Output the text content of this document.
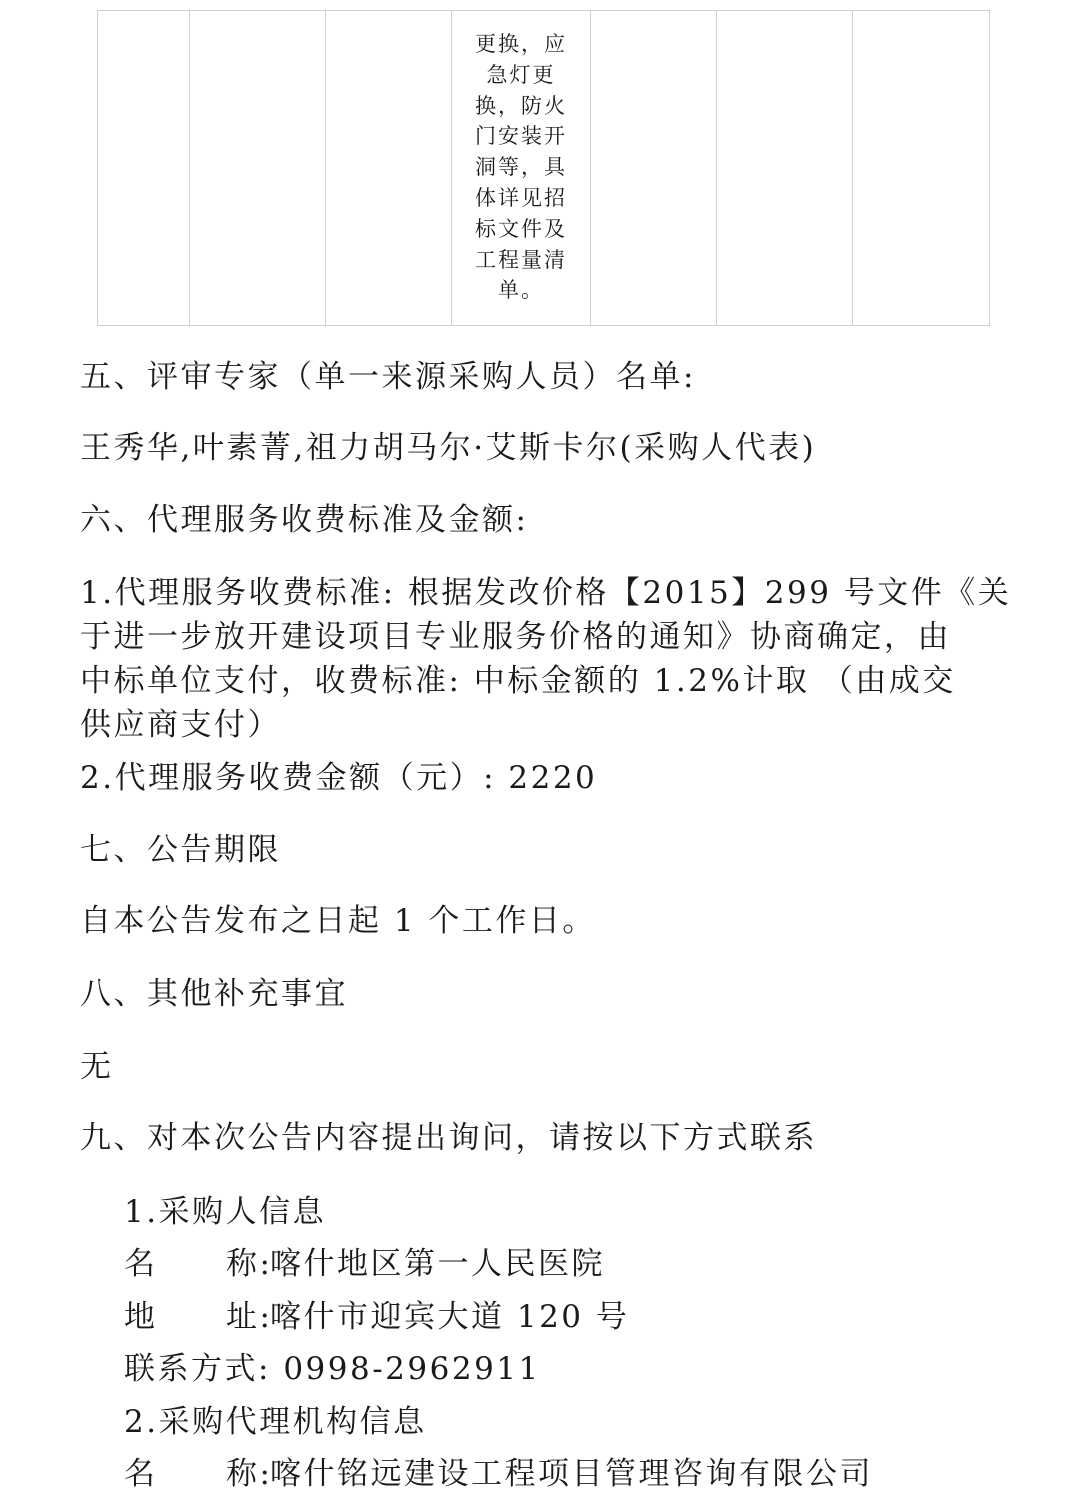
更换，应
急灯更
换，防火
门安装开
洞等，具
体详见招
标文件及
工程量清
单。

五、评审专家（单一来源采购人员）名单:
王秀华,叶素菁,祖力胡马尔·艾斯卡尔(采购人代表)
六、代理服务收费标准及金额:
1.代理服务收费标准: 根据发改价格【2015】299 号文件《关
于进一步放开建设项目专业服务价格的通知》协商确定，由
中标单位支付，收费标准: 中标金额的 1.2%计取 （由成交
供应商支付）
2.代理服务收费金额（元）: 2220
七、公告期限
自本公告发布之日起 1 个工作日。
八、其他补充事宜
无
九、对本次公告内容提出询问，请按以下方式联系
1.采购人信息
名 称:喀什地区第一人民医院
地 址:喀什市迎宾大道 120 号
联系方式: 0998-2962911
2.采购代理机构信息
名 称:喀什铭远建设工程项目管理咨询有限公司
